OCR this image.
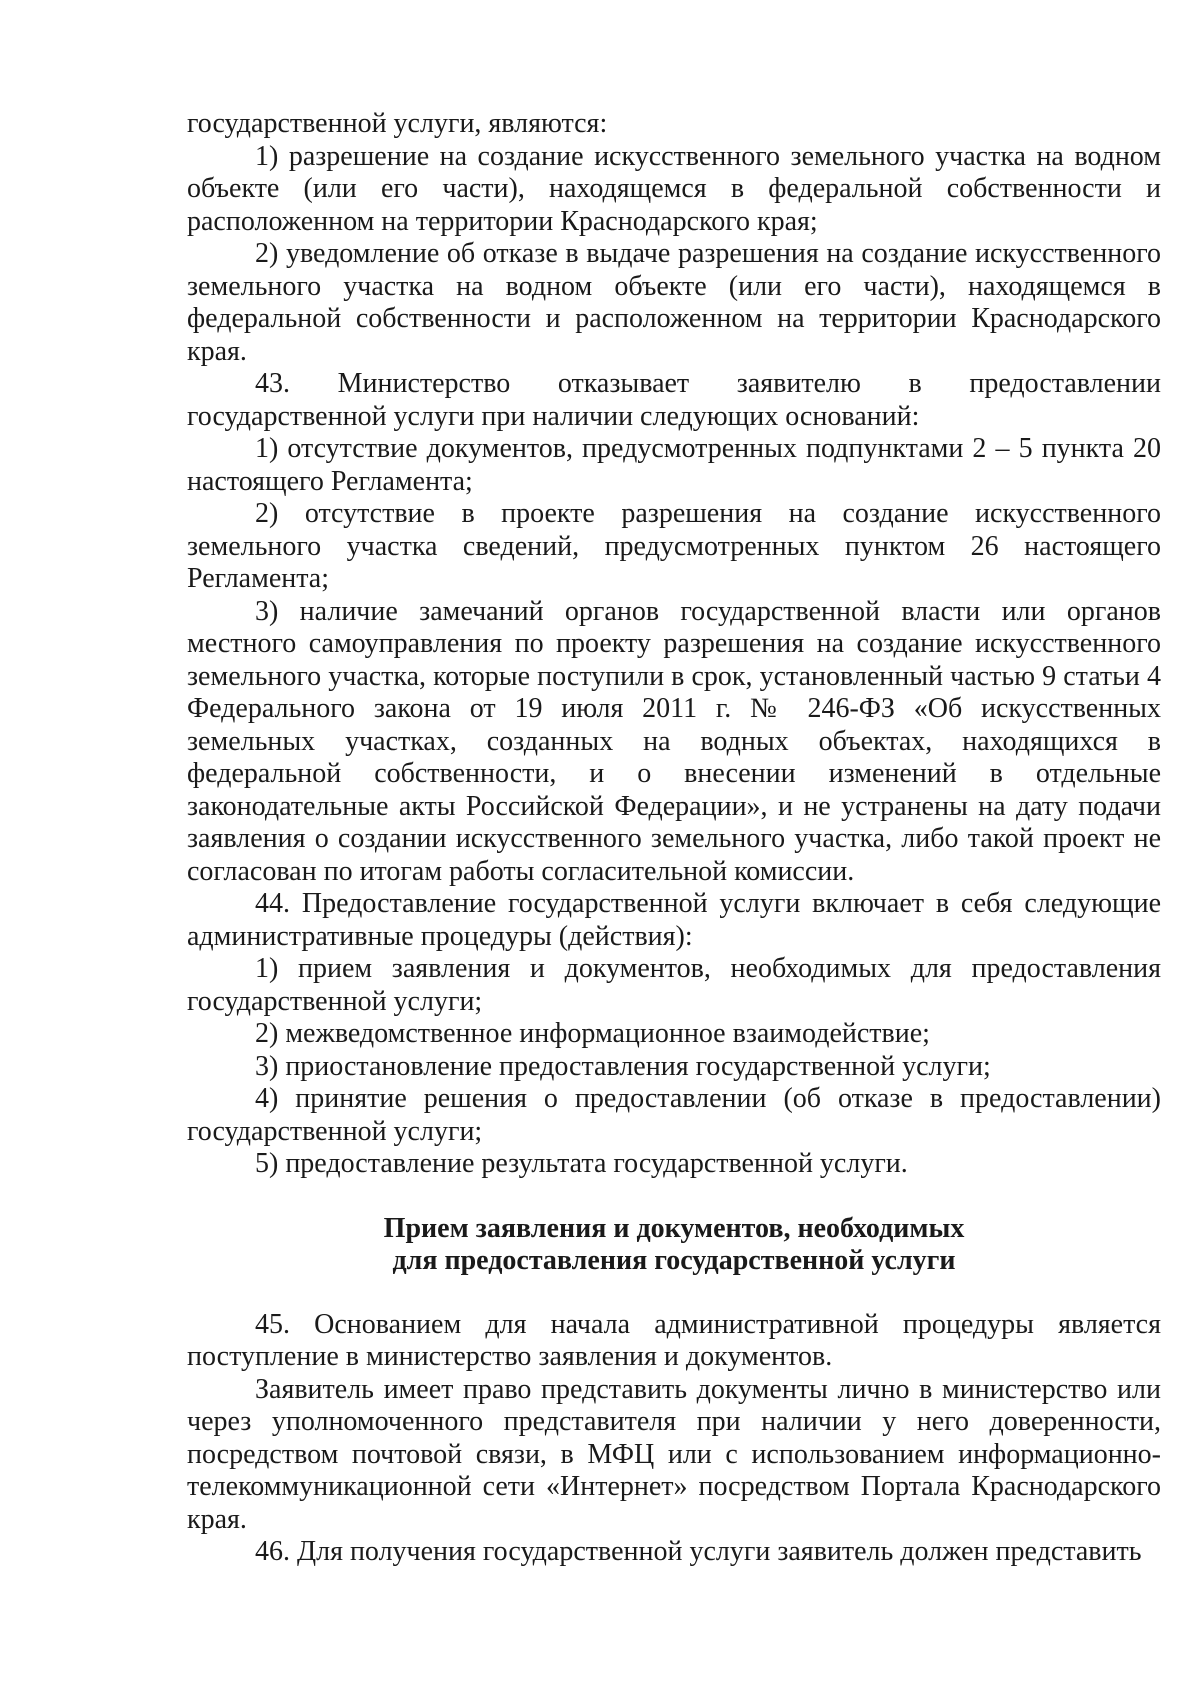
государственной услуги, являются:

1) разрешение на создание искусственного земельного участка на водном объекте (или его части), находящемся в федеральной собственности и расположенном на территории Краснодарского края;

2) уведомление об отказе в выдаче разрешения на создание искусственного земельного участка на водном объекте (или его части), находящемся в федеральной собственности и расположенном на территории Краснодарского края.

43. Министерство отказывает заявителю в предоставлении государственной услуги при наличии следующих оснований:

1) отсутствие документов, предусмотренных подпунктами 2 – 5 пункта 20 настоящего Регламента;

2) отсутствие в проекте разрешения на создание искусственного земельного участка сведений, предусмотренных пунктом 26 настоящего Регламента;

3) наличие замечаний органов государственной власти или органов местного самоуправления по проекту разрешения на создание искусственного земельного участка, которые поступили в срок, установленный частью 9 статьи 4 Федерального закона от 19 июля 2011 г. № 246-ФЗ «Об искусственных земельных участках, созданных на водных объектах, находящихся в федеральной собственности, и о внесении изменений в отдельные законодательные акты Российской Федерации», и не устранены на дату подачи заявления о создании искусственного земельного участка, либо такой проект не согласован по итогам работы согласительной комиссии.

44. Предоставление государственной услуги включает в себя следующие административные процедуры (действия):

1) прием заявления и документов, необходимых для предоставления государственной услуги;

2) межведомственное информационное взаимодействие;

3) приостановление предоставления государственной услуги;

4) принятие решения о предоставлении (об отказе в предоставлении) государственной услуги;

5) предоставление результата государственной услуги.

Прием заявления и документов, необходимых
для предоставления государственной услуги

45. Основанием для начала административной процедуры является поступление в министерство заявления и документов.

Заявитель имеет право представить документы лично в министерство или через уполномоченного представителя при наличии у него доверенности, посредством почтовой связи, в МФЦ или с использованием информационно-телекоммуникационной сети «Интернет» посредством Портала Краснодарского края.

46. Для получения государственной услуги заявитель должен представить
